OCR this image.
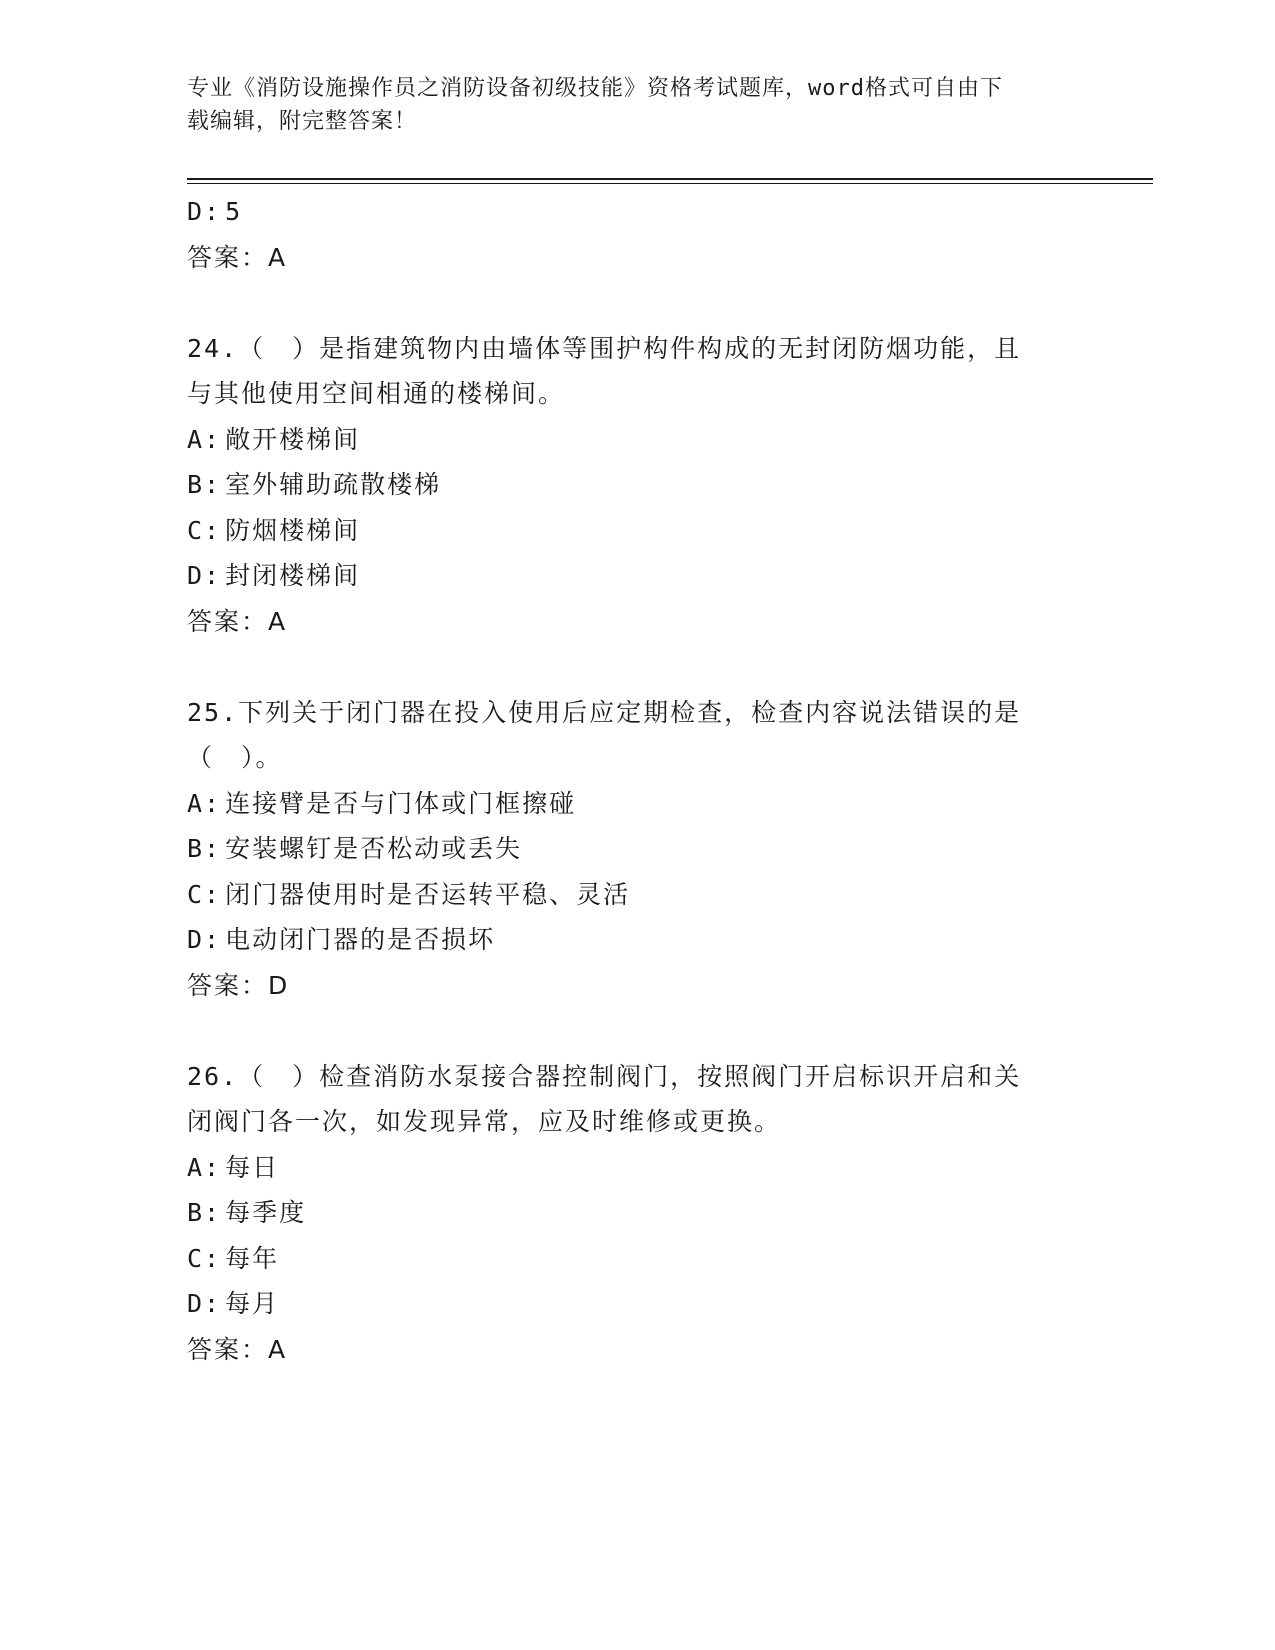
专业《消防设施操作员之消防设备初级技能》资格考试题库，word格式可自由下
载编辑，附完整答案！
D: 5
答案：A
24.（　）是指建筑物内由墙体等围护构件构成的无封闭防烟功能，且
与其他使用空间相通的楼梯间。
A: 敞开楼梯间
B: 室外辅助疏散楼梯
C: 防烟楼梯间
D: 封闭楼梯间
答案：A
25.下列关于闭门器在投入使用后应定期检查，检查内容说法错误的是
（　）。
A: 连接臂是否与门体或门框擦碰
B: 安装螺钉是否松动或丢失
C: 闭门器使用时是否运转平稳、灵活
D: 电动闭门器的是否损坏
答案：D
26.（　）检查消防水泵接合器控制阀门，按照阀门开启标识开启和关
闭阀门各一次，如发现异常，应及时维修或更换。
A: 每日
B: 每季度
C: 每年
D: 每月
答案：A
